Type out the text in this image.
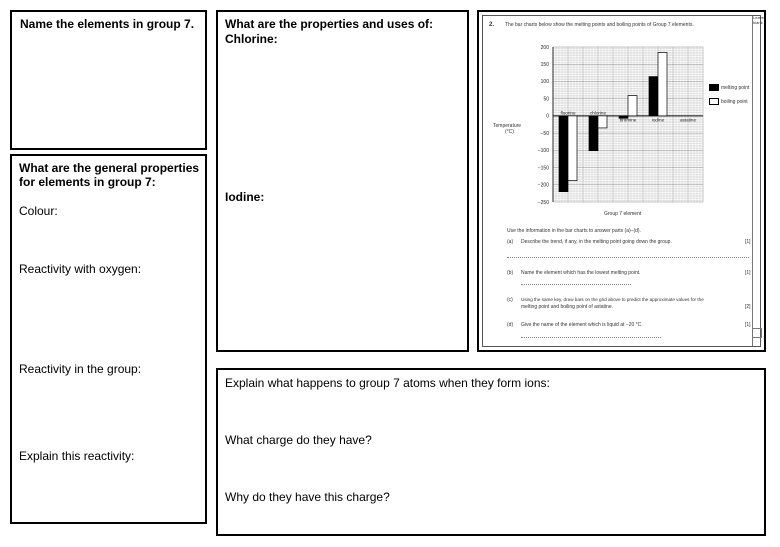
Name the elements in group 7.
What are the general properties
for elements in group 7:
Colour:
Reactivity with oxygen:
Reactivity in the group:
Explain this reactivity:
What are the properties and uses of:
Chlorine:
Iodine:
Leave blank
2. The bar charts below show the melting points and boiling points of Group 7 elements.
Temperature
(°C)
200
150
100
50
0
−50
−100
−150
−200
−250
fluorine	chlorine
bromine	iodine	astatine
melting point
boiling point
Group 7 element
Use the information in the bar charts to answer parts (a)–(d).
(a) Describe the trend, if any, in the melting point going down the group.	[1]
(b) Name the element which has the lowest melting point.	[1]
(c) Using the same key, draw bars on the grid above to predict the approximate values for the
melting point and boiling point of astatine.	[2]
(d) Give the name of the element which is liquid at −20 °C.	[1]
Explain what happens to group 7 atoms when they form ions:
What charge do they have?
Why do they have this charge?
